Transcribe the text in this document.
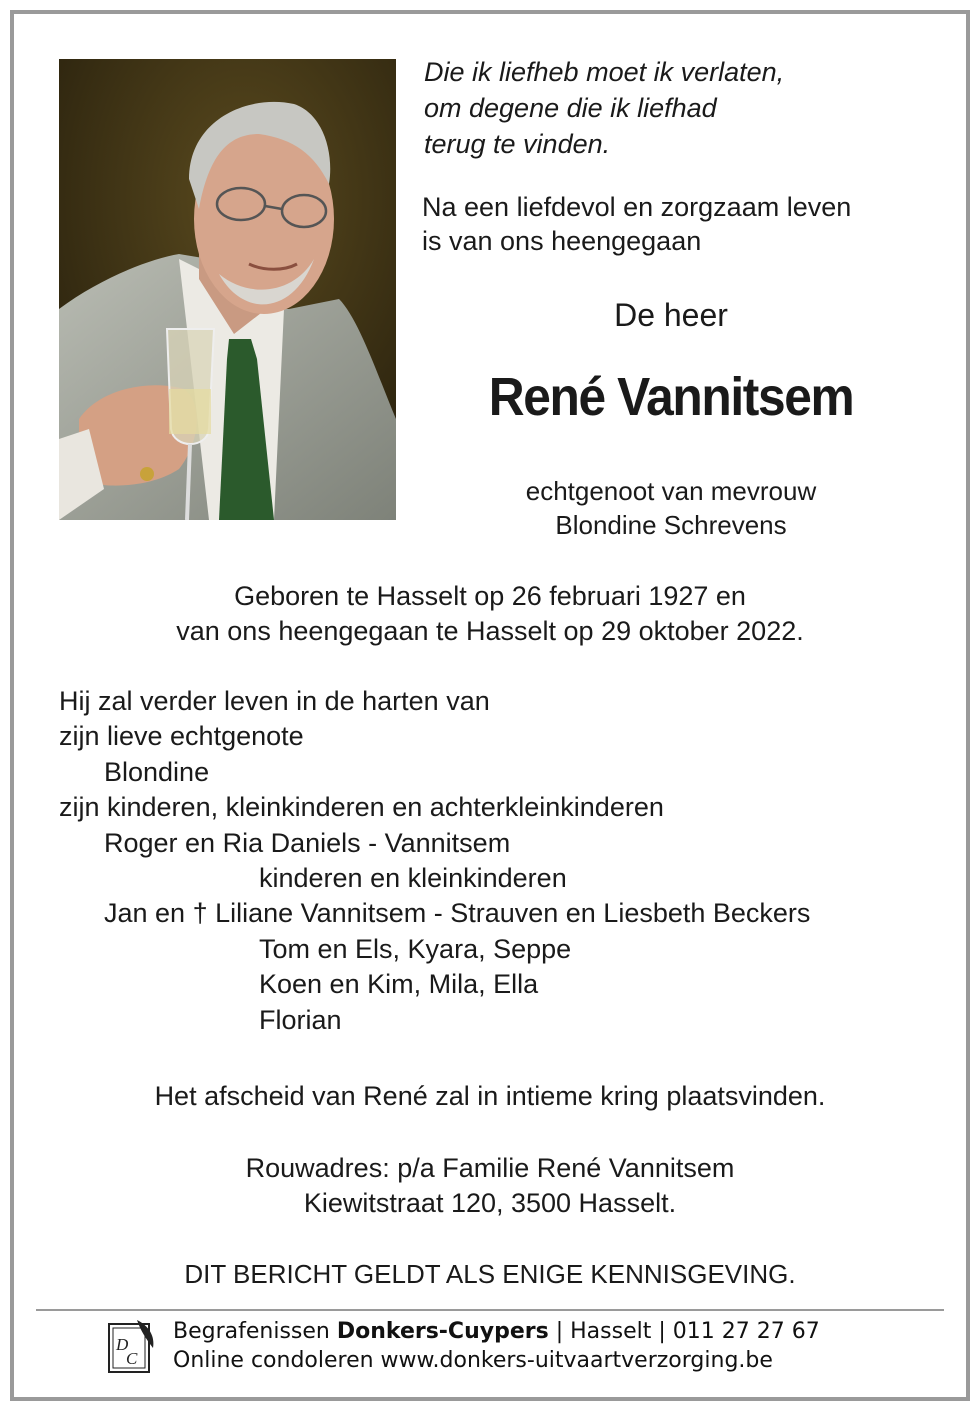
Die ik liefheb moet ik verlaten,
om degene die ik liefhad
terug te vinden.
Na een liefdevol en zorgzaam leven
is van ons heengegaan
De heer
René Vannitsem
echtgenoot van mevrouw
Blondine Schrevens
Geboren te Hasselt op 26 februari 1927 en
van ons heengegaan te Hasselt op 29 oktober 2022.
Hij zal verder leven in de harten van
zijn lieve echtgenote
Blondine
zijn kinderen, kleinkinderen en achterkleinkinderen
Roger en Ria Daniels - Vannitsem
kinderen en kleinkinderen
Jan en † Liliane Vannitsem - Strauven en Liesbeth Beckers
Tom en Els, Kyara, Seppe
Koen en Kim, Mila, Ella
Florian
Het afscheid van René zal in intieme kring plaatsvinden.
Rouwadres: p/a Familie René Vannitsem
Kiewitstraat 120, 3500 Hasselt.
DIT BERICHT GELDT ALS ENIGE KENNISGEVING.
D
C
Begrafenissen Donkers-Cuypers | Hasselt | 011 27 27 67
Online condoleren www.donkers-uitvaartverzorging.be
